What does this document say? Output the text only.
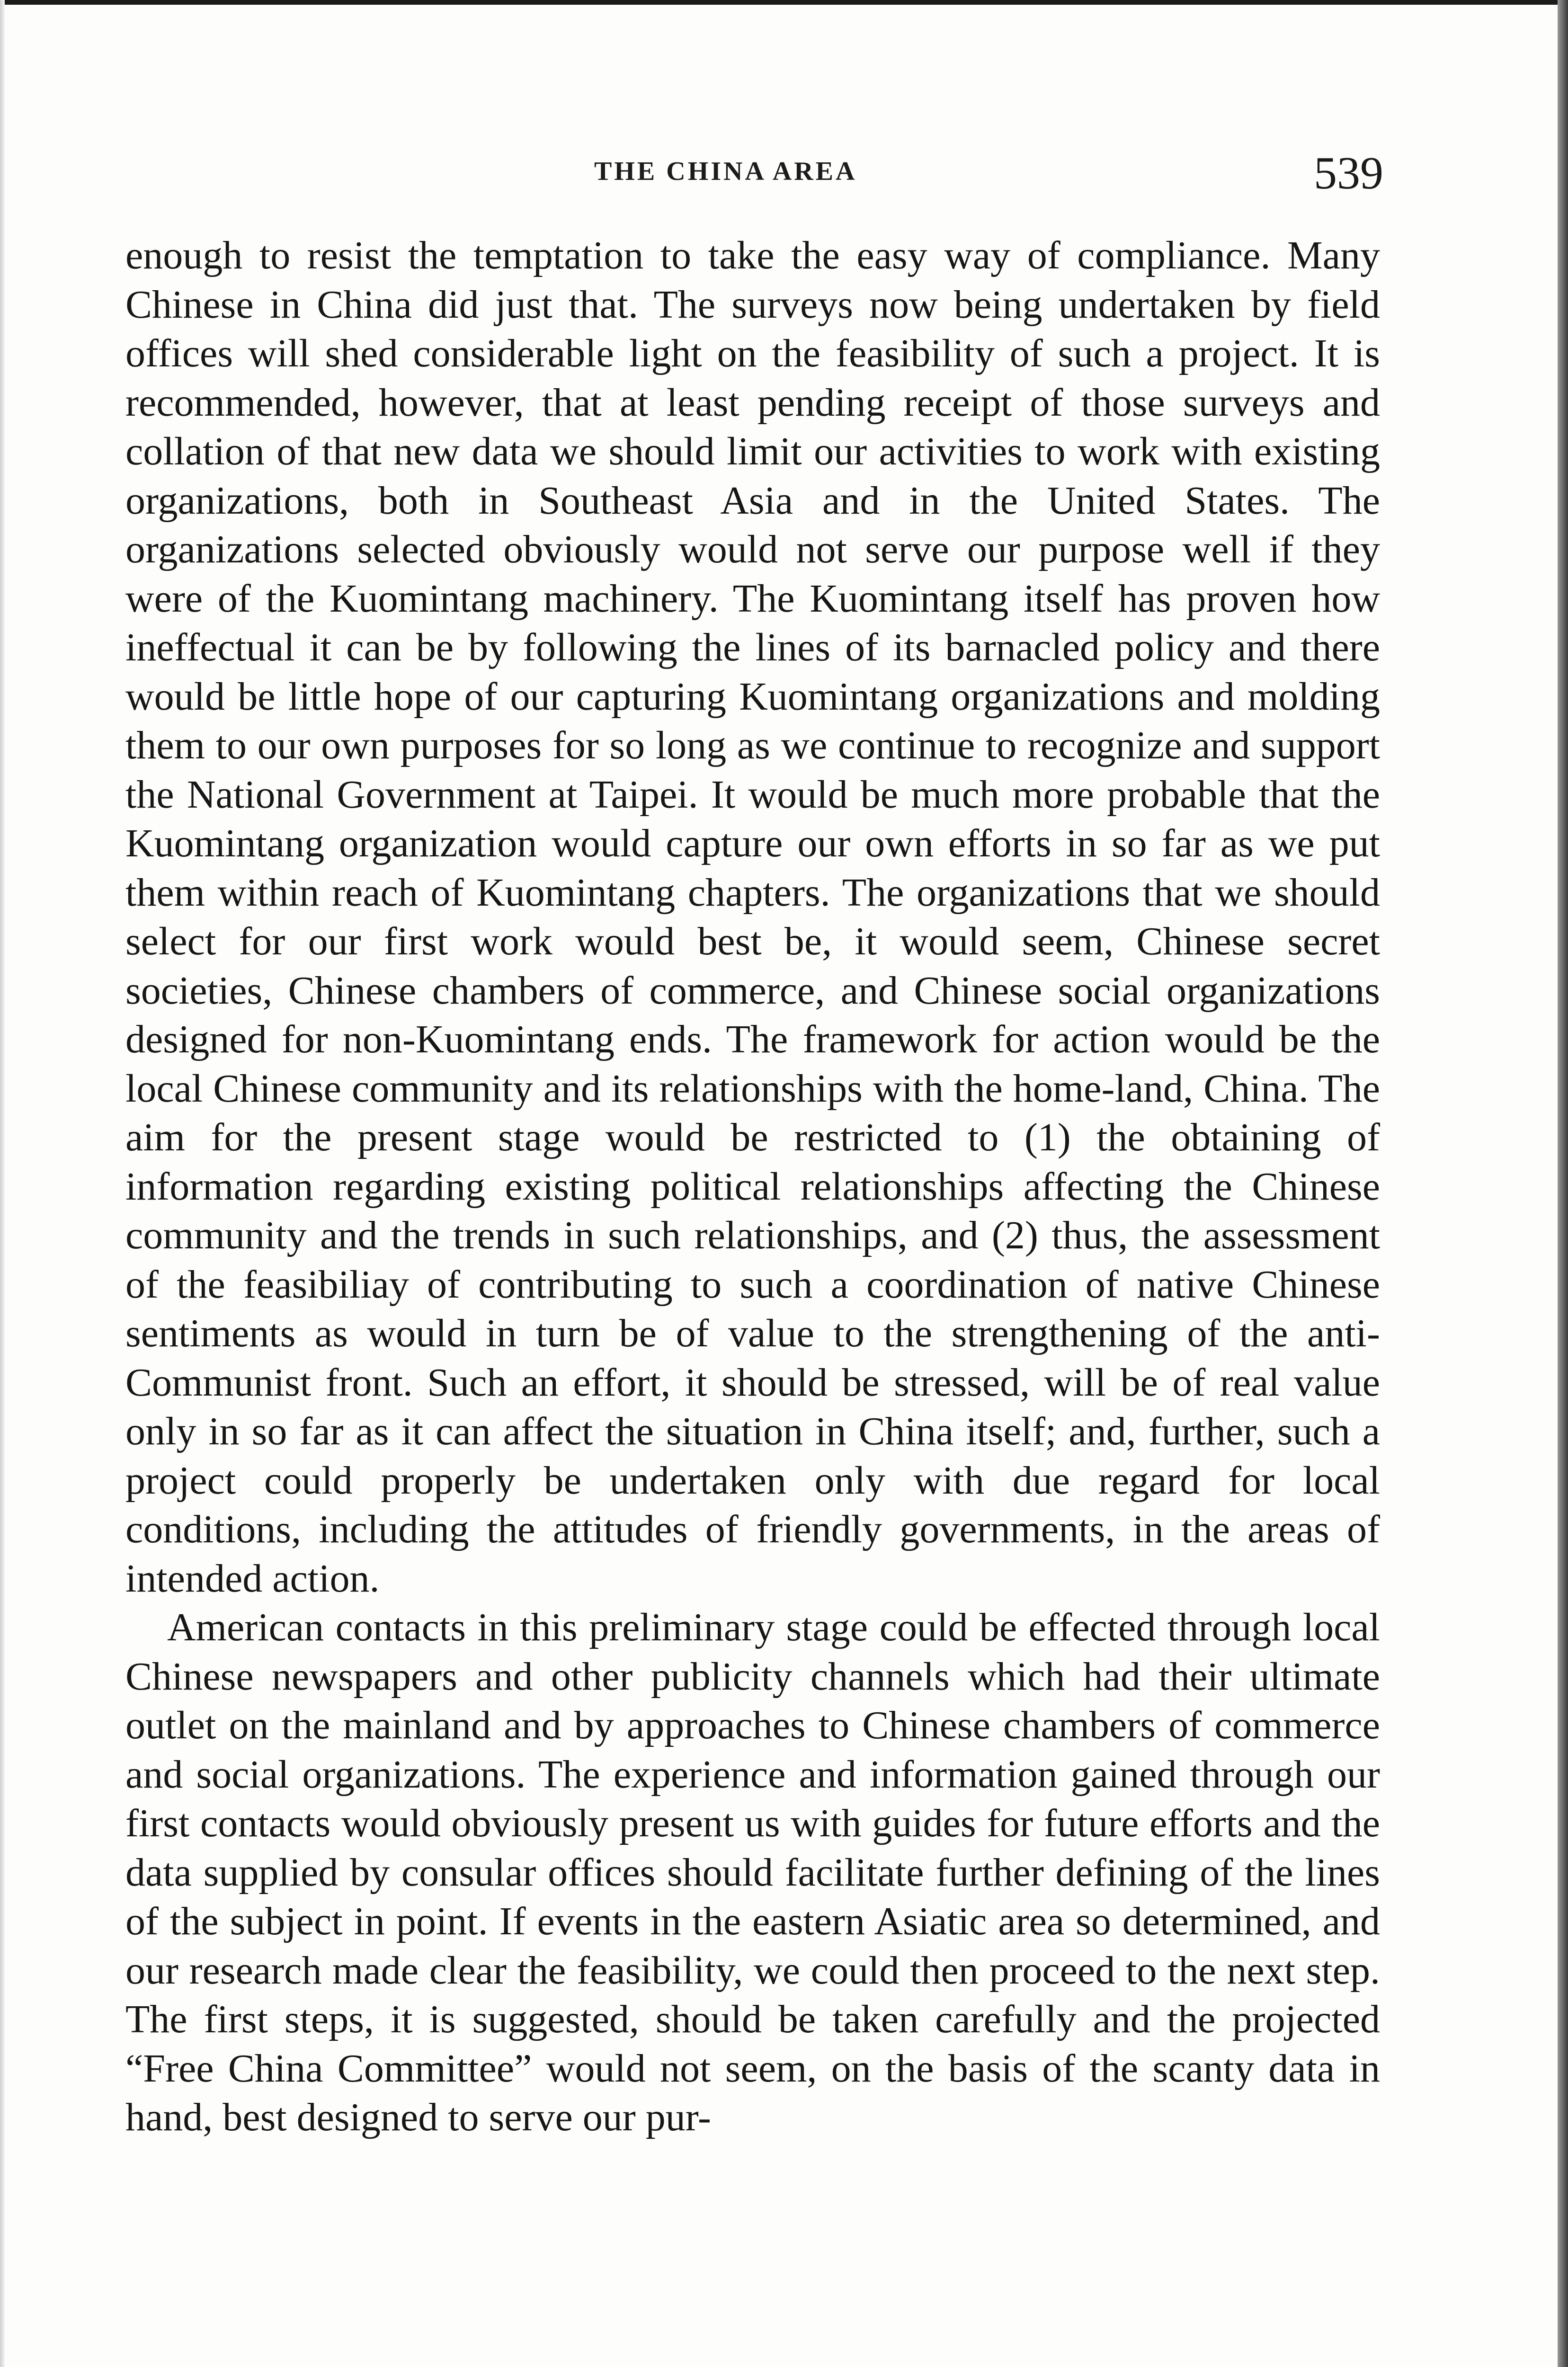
THE CHINA AREA	539

enough to resist the temptation to take the easy way of compliance. Many Chinese in China did just that. The surveys now being undertaken by field offices will shed considerable light on the feasibility of such a project. It is recommended, however, that at least pending receipt of those surveys and collation of that new data we should limit our activities to work with existing organizations, both in Southeast Asia and in the United States. The organizations selected obviously would not serve our purpose well if they were of the Kuomintang machinery. The Kuomintang itself has proven how ineffectual it can be by following the lines of its barnacled policy and there would be little hope of our capturing Kuomintang organizations and molding them to our own purposes for so long as we continue to recognize and support the National Government at Taipei. It would be much more probable that the Kuomintang organization would capture our own efforts in so far as we put them within reach of Kuomintang chapters. The organizations that we should select for our first work would best be, it would seem, Chinese secret societies, Chinese chambers of commerce, and Chinese social organizations designed for non-Kuomintang ends. The framework for action would be the local Chinese community and its relationships with the home-land, China. The aim for the present stage would be restricted to (1) the obtaining of information regarding existing political relationships affecting the Chinese community and the trends in such relationships, and (2) thus, the assessment of the feasibiliay of contributing to such a coordination of native Chinese sentiments as would in turn be of value to the strengthening of the anti-Communist front. Such an effort, it should be stressed, will be of real value only in so far as it can affect the situation in China itself; and, further, such a project could properly be undertaken only with due regard for local conditions, including the attitudes of friendly governments, in the areas of intended action.

American contacts in this preliminary stage could be effected through local Chinese newspapers and other publicity channels which had their ultimate outlet on the mainland and by approaches to Chinese chambers of commerce and social organizations. The experience and information gained through our first contacts would obviously present us with guides for future efforts and the data supplied by consular offices should facilitate further defining of the lines of the subject in point. If events in the eastern Asiatic area so determined, and our research made clear the feasibility, we could then proceed to the next step. The first steps, it is suggested, should be taken carefully and the projected “Free China Committee” would not seem, on the basis of the scanty data in hand, best designed to serve our pur-
